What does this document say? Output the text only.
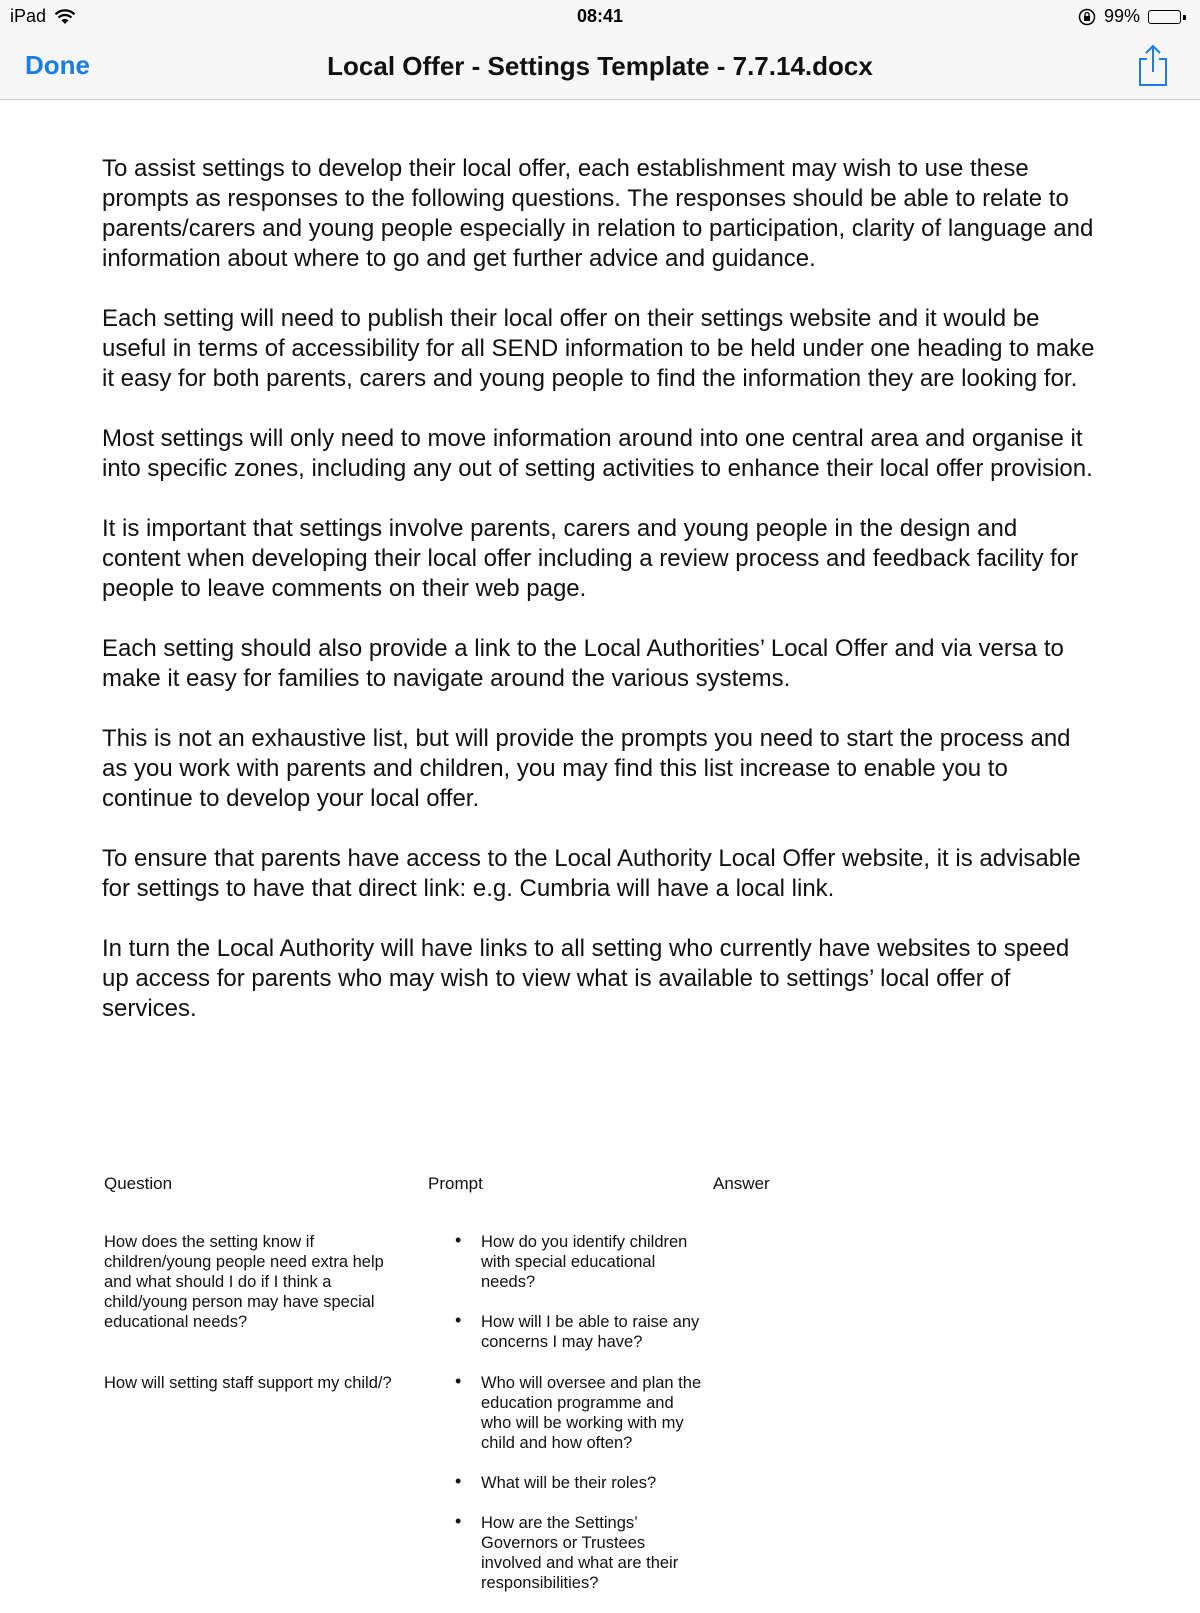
iPad	08:41	99%
Done	Local Offer - Settings Template - 7.7.14.docx

To assist settings to develop their local offer, each establishment may wish to use these prompts as responses to the following questions. The responses should be able to relate to parents/carers and young people especially in relation to participation, clarity of language and information about where to go and get further advice and guidance.

Each setting will need to publish their local offer on their settings website and it would be useful in terms of accessibility for all SEND information to be held under one heading to make it easy for both parents, carers and young people to find the information they are looking for.

Most settings will only need to move information around into one central area and organise it into specific zones, including any out of setting activities to enhance their local offer provision.

It is important that settings involve parents, carers and young people in the design and content when developing their local offer including a review process and feedback facility for people to leave comments on their web page.

Each setting should also provide a link to the Local Authorities’ Local Offer and via versa to make it easy for families to navigate around the various systems.

This is not an exhaustive list, but will provide the prompts you need to start the process and as you work with parents and children, you may find this list increase to enable you to continue to develop your local offer.

To ensure that parents have access to the Local Authority Local Offer website, it is advisable for settings to have that direct link: e.g. Cumbria will have a local link.

In turn the Local Authority will have links to all setting who currently have websites to speed up access for parents who may wish to view what is available to settings’ local offer of services.

Question	Prompt	Answer
How does the setting know if children/young people need extra help and what should I do if I think a child/young person may have special educational needs?
• How do you identify children with special educational needs?
• How will I be able to raise any concerns I may have?
How will setting staff support my child/?
•	Who will oversee and plan the education programme and who will be working with my child and how often?
• What will be their roles?
• How are the Settings’ Governors or Trustees involved and what are their responsibilities?
